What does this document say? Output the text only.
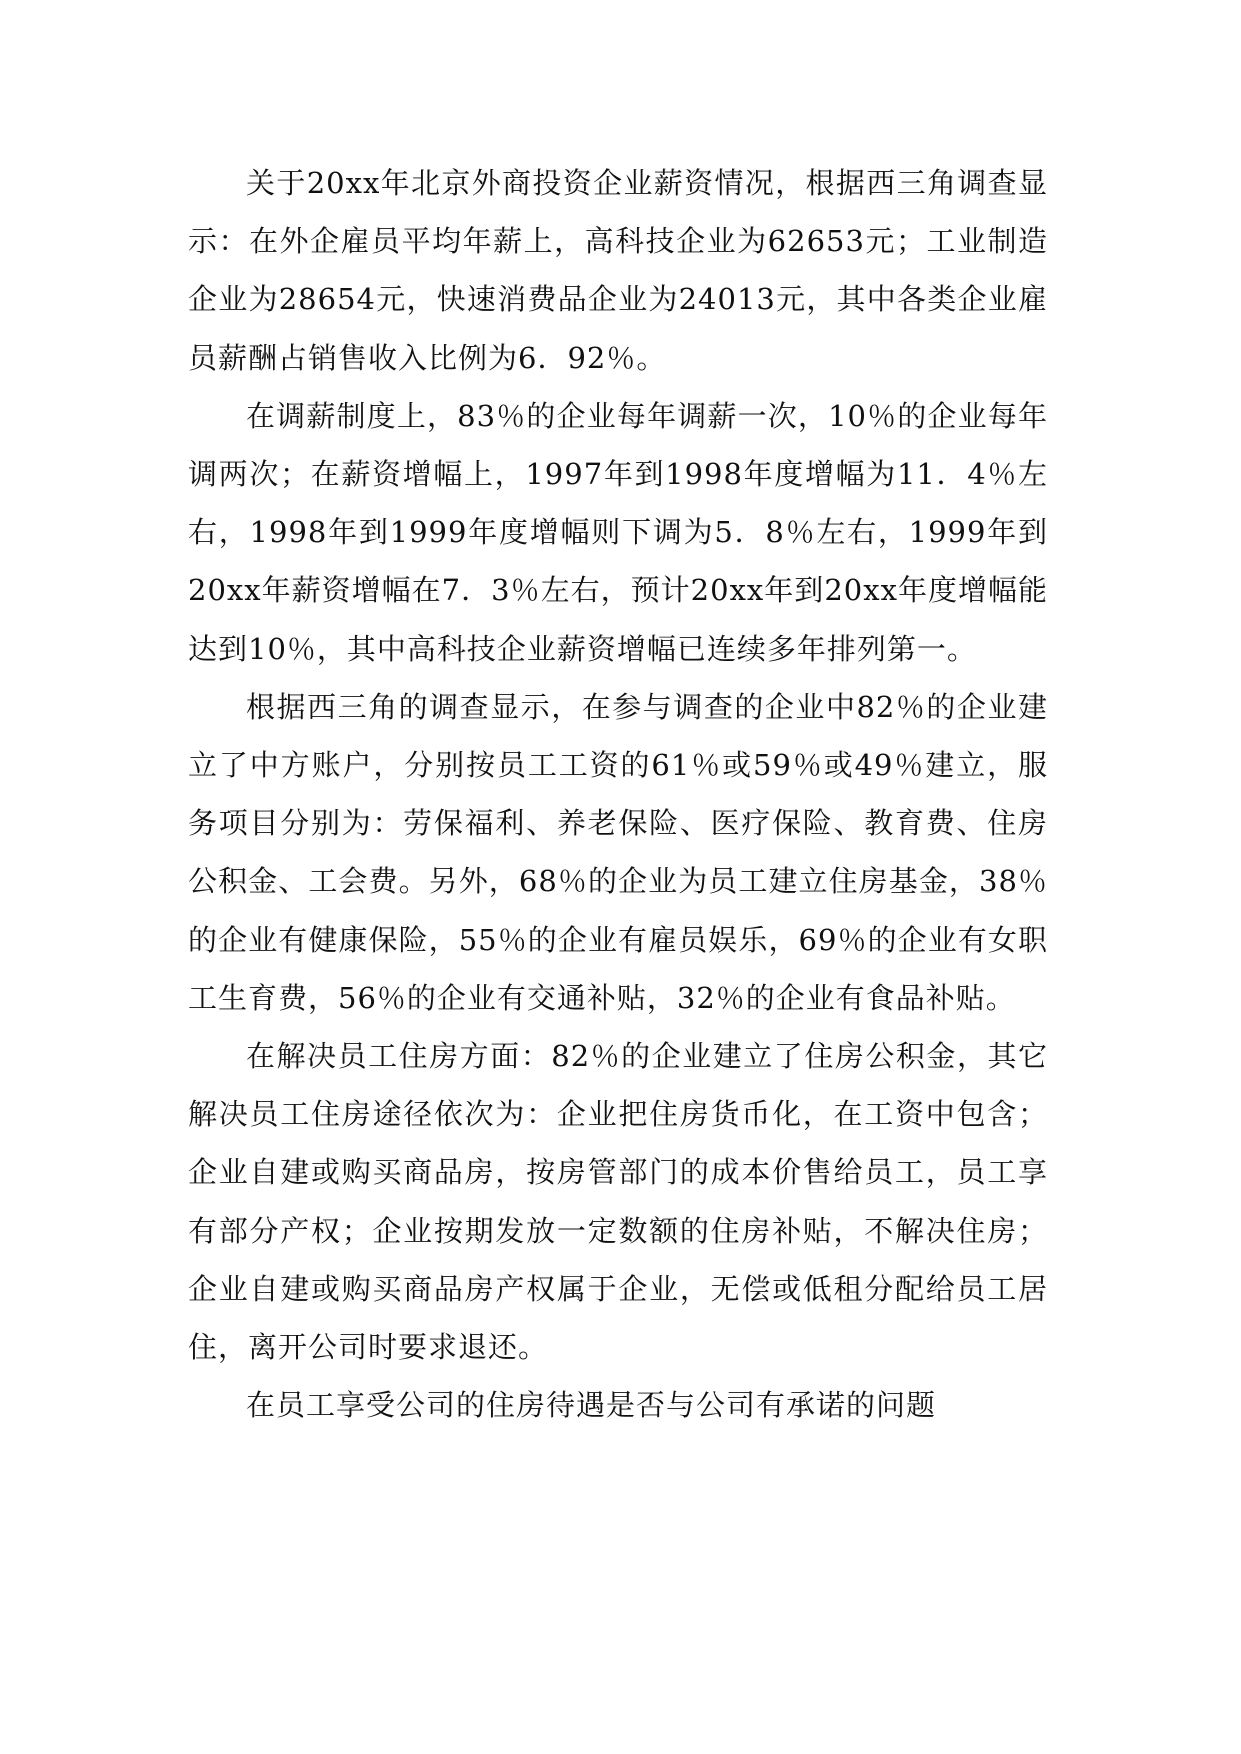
关于20xx年北京外商投资企业薪资情况，根据西三角调查显示：在外企雇员平均年薪上，高科技企业为62653元；工业制造企业为28654元，快速消费品企业为24013元，其中各类企业雇员薪酬占销售收入比例为6．92％。

在调薪制度上，83％的企业每年调薪一次，10％的企业每年调两次；在薪资增幅上，1997年到1998年度增幅为11．4％左右，1998年到1999年度增幅则下调为5．8％左右，1999年到20xx年薪资增幅在7．3％左右，预计20xx年到20xx年度增幅能达到10％，其中高科技企业薪资增幅已连续多年排列第一。

根据西三角的调查显示，在参与调查的企业中82％的企业建立了中方账户，分别按员工工资的61％或59％或49％建立，服务项目分别为：劳保福利、养老保险、医疗保险、教育费、住房公积金、工会费。另外，68％的企业为员工建立住房基金，38％的企业有健康保险，55％的企业有雇员娱乐，69％的企业有女职工生育费，56％的企业有交通补贴，32％的企业有食品补贴。

在解决员工住房方面：82％的企业建立了住房公积金，其它解决员工住房途径依次为：企业把住房货币化，在工资中包含；企业自建或购买商品房，按房管部门的成本价售给员工，员工享有部分产权；企业按期发放一定数额的住房补贴，不解决住房；企业自建或购买商品房产权属于企业，无偿或低租分配给员工居住，离开公司时要求退还。

在员工享受公司的住房待遇是否与公司有承诺的问题
